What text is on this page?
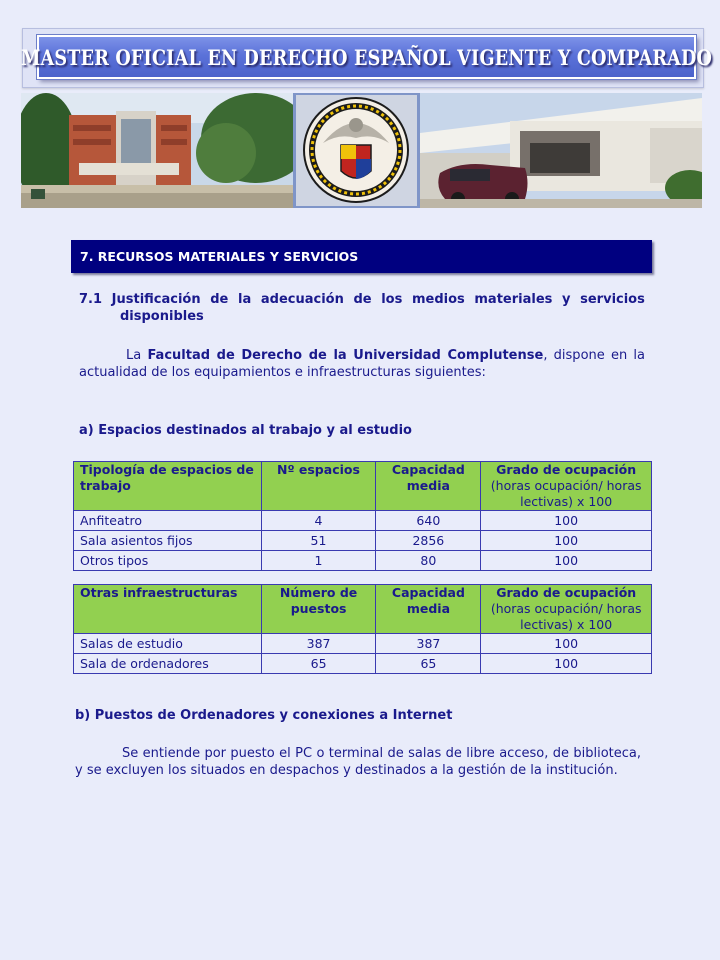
MASTER OFICIAL EN DERECHO ESPAÑOL VIGENTE Y COMPARADO
7. RECURSOS MATERIALES Y SERVICIOS
7.1 Justificación de la adecuación de los medios materiales y servicios
disponibles
La Facultad de Derecho de la Universidad Complutense, dispone en la actualidad de los equipamientos e infraestructuras siguientes:
a) Espacios destinados al trabajo y al estudio
Tipología de espacios de trabajo	Nº espacios	Capacidad media	Grado de ocupación
(horas ocupación/ horas lectivas) x 100
Anfiteatro	4	640	100
Sala asientos fijos	51	2856	100
Otros tipos	1	80	100
Otras infraestructuras	Número de puestos	Capacidad media	Grado de ocupación
(horas ocupación/ horas lectivas) x 100
Salas de estudio	387	387	100
Sala de ordenadores	65	65	100
b) Puestos de Ordenadores y conexiones a Internet
Se entiende por puesto el PC o terminal de salas de libre acceso, de biblioteca, y se excluyen los situados en despachos y destinados a la gestión de la institución.
